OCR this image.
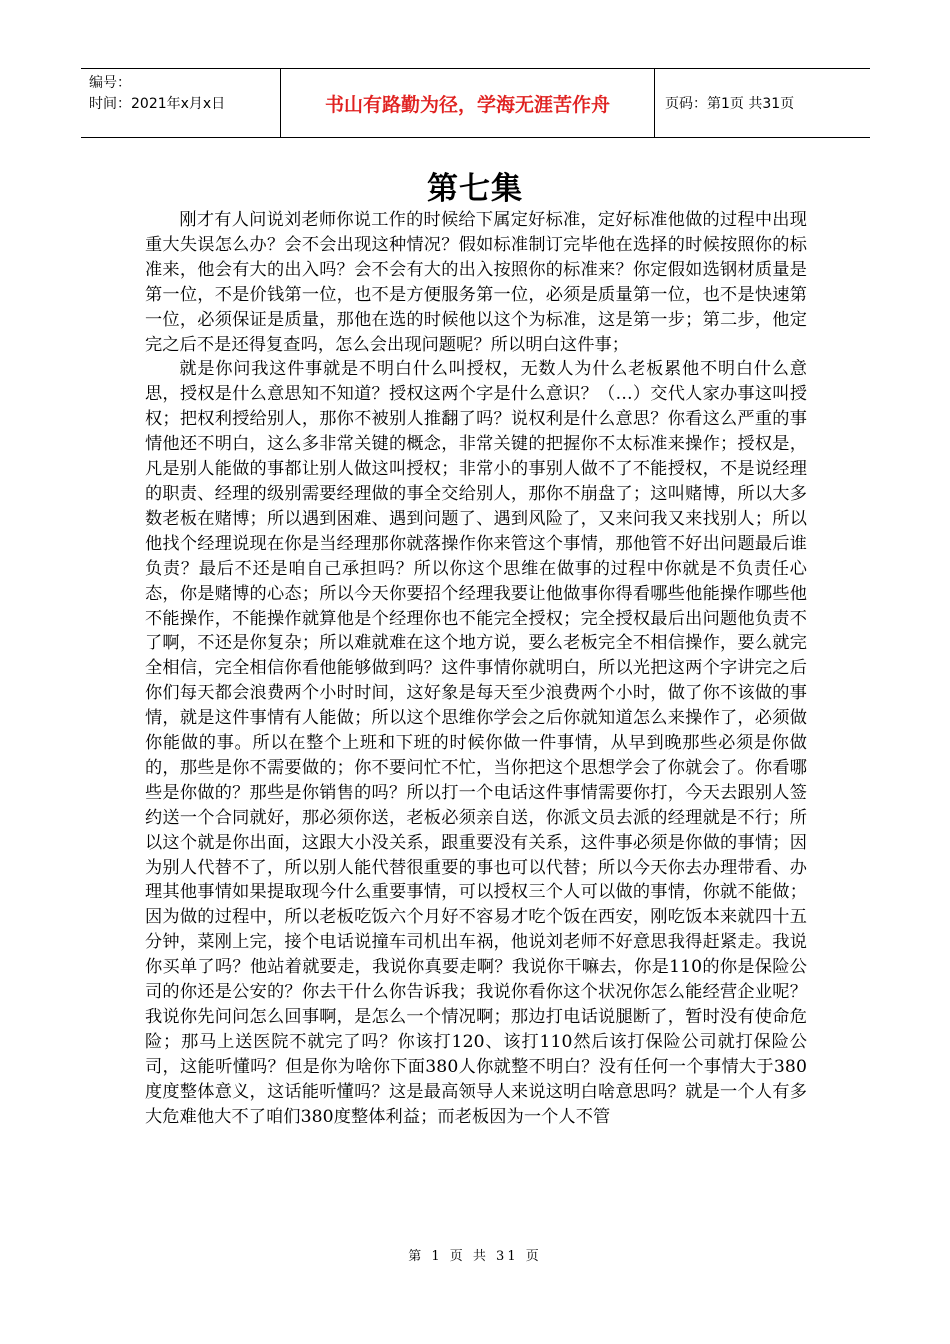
编号：
时间：2021年x月x日	书山有路勤为径，学海无涯苦作舟	页码：第1页 共31页
第七集

刚才有人问说刘老师你说工作的时候给下属定好标准，定好标准他做的过程中出现重大失误怎么办？会不会出现这种情况？假如标准制订完毕他在选择的时候按照你的标准来，他会有大的出入吗？会不会有大的出入按照你的标准来？你定假如选钢材质量是第一位，不是价钱第一位，也不是方便服务第一位，必须是质量第一位，也不是快速第一位，必须保证是质量，那他在选的时候他以这个为标准，这是第一步；第二步，他定完之后不是还得复查吗，怎么会出现问题呢？所以明白这件事；

就是你问我这件事就是不明白什么叫授权，无数人为什么老板累他不明白什么意思，授权是什么意思知不知道？授权这两个字是什么意识？（…）交代人家办事这叫授权；把权利授给别人，那你不被别人推翻了吗？说权利是什么意思？你看这么严重的事情他还不明白，这么多非常关键的概念，非常关键的把握你不太标准来操作；授权是，凡是别人能做的事都让别人做这叫授权；非常小的事别人做不了不能授权，不是说经理的职责、经理的级别需要经理做的事全交给别人，那你不崩盘了；这叫赌博，所以大多数老板在赌博；所以遇到困难、遇到问题了、遇到风险了，又来问我又来找别人；所以他找个经理说现在你是当经理那你就落操作你来管这个事情，那他管不好出问题最后谁负责？最后不还是咱自己承担吗？所以你这个思维在做事的过程中你就是不负责任心态，你是赌博的心态；所以今天你要招个经理我要让他做事你得看哪些他能操作哪些他不能操作，不能操作就算他是个经理你也不能完全授权；完全授权最后出问题他负责不了啊，不还是你复杂；所以难就难在这个地方说，要么老板完全不相信操作，要么就完全相信，完全相信你看他能够做到吗？这件事情你就明白，所以光把这两个字讲完之后你们每天都会浪费两个小时时间，这好象是每天至少浪费两个小时，做了你不该做的事情，就是这件事情有人能做；所以这个思维你学会之后你就知道怎么来操作了，必须做你能做的事。所以在整个上班和下班的时候你做一件事情，从早到晚那些必须是你做的，那些是你不需要做的；你不要问忙不忙，当你把这个思想学会了你就会了。你看哪些是你做的？那些是你销售的吗？所以打一个电话这件事情需要你打，今天去跟别人签约送一个合同就好，那必须你送，老板必须亲自送，你派文员去派的经理就是不行；所以这个就是你出面，这跟大小没关系，跟重要没有关系，这件事必须是你做的事情；因为别人代替不了，所以别人能代替很重要的事也可以代替；所以今天你去办理带看、办理其他事情如果提取现今什么重要事情，可以授权三个人可以做的事情，你就不能做；因为做的过程中，所以老板吃饭六个月好不容易才吃个饭在西安，刚吃饭本来就四十五分钟，菜刚上完，接个电话说撞车司机出车祸，他说刘老师不好意思我得赶紧走。我说你买单了吗？他站着就要走，我说你真要走啊？我说你干嘛去，你是110的你是保险公司的你还是公安的？你去干什么你告诉我；我说你看你这个状况你怎么能经营企业呢？我说你先问问怎么回事啊，是怎么一个情况啊；那边打电话说腿断了，暂时没有使命危险；那马上送医院不就完了吗？你该打120、该打110然后该打保险公司就打保险公司，这能听懂吗？但是你为啥你下面380人你就整不明白？没有任何一个事情大于380度度整体意义，这话能听懂吗？这是最高领导人来说这明白啥意思吗？就是一个人有多大危难他大不了咱们380度整体利益；而老板因为一个人不管

第 1 页 共 31 页
